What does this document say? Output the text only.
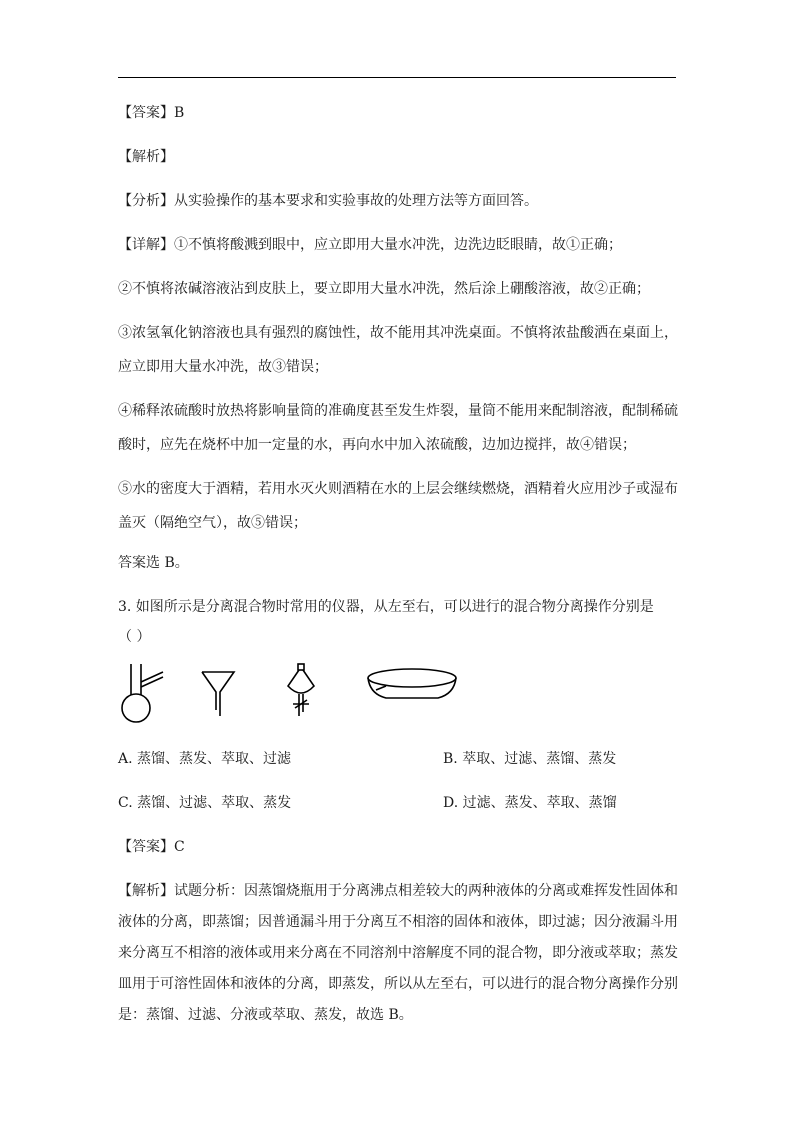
【答案】B
【解析】
【分析】从实验操作的基本要求和实验事故的处理方法等方面回答。
【详解】①不慎将酸溅到眼中，应立即用大量水冲洗，边洗边眨眼睛，故①正确；
②不慎将浓碱溶液沾到皮肤上，要立即用大量水冲洗，然后涂上硼酸溶液，故②正确；
③浓氢氧化钠溶液也具有强烈的腐蚀性，故不能用其冲洗桌面。不慎将浓盐酸洒在桌面上，
应立即用大量水冲洗，故③错误；
④稀释浓硫酸时放热将影响量筒的准确度甚至发生炸裂，量筒不能用来配制溶液，配制稀硫
酸时，应先在烧杯中加一定量的水，再向水中加入浓硫酸，边加边搅拌，故④错误；
⑤水的密度大于酒精，若用水灭火则酒精在水的上层会继续燃烧，酒精着火应用沙子或湿布
盖灭（隔绝空气），故⑤错误；
答案选 B。
3. 如图所示是分离混合物时常用的仪器，从左至右，可以进行的混合物分离操作分别是
（ ）
A. 蒸馏、蒸发、萃取、过滤	B. 萃取、过滤、蒸馏、蒸发
C. 蒸馏、过滤、萃取、蒸发	D. 过滤、蒸发、萃取、蒸馏
【答案】C
【解析】试题分析：因蒸馏烧瓶用于分离沸点相差较大的两种液体的分离或难挥发性固体和
液体的分离，即蒸馏；因普通漏斗用于分离互不相溶的固体和液体，即过滤；因分液漏斗用
来分离互不相溶的液体或用来分离在不同溶剂中溶解度不同的混合物，即分液或萃取；蒸发
皿用于可溶性固体和液体的分离，即蒸发，所以从左至右，可以进行的混合物分离操作分别
是：蒸馏、过滤、分液或萃取、蒸发，故选 B。
